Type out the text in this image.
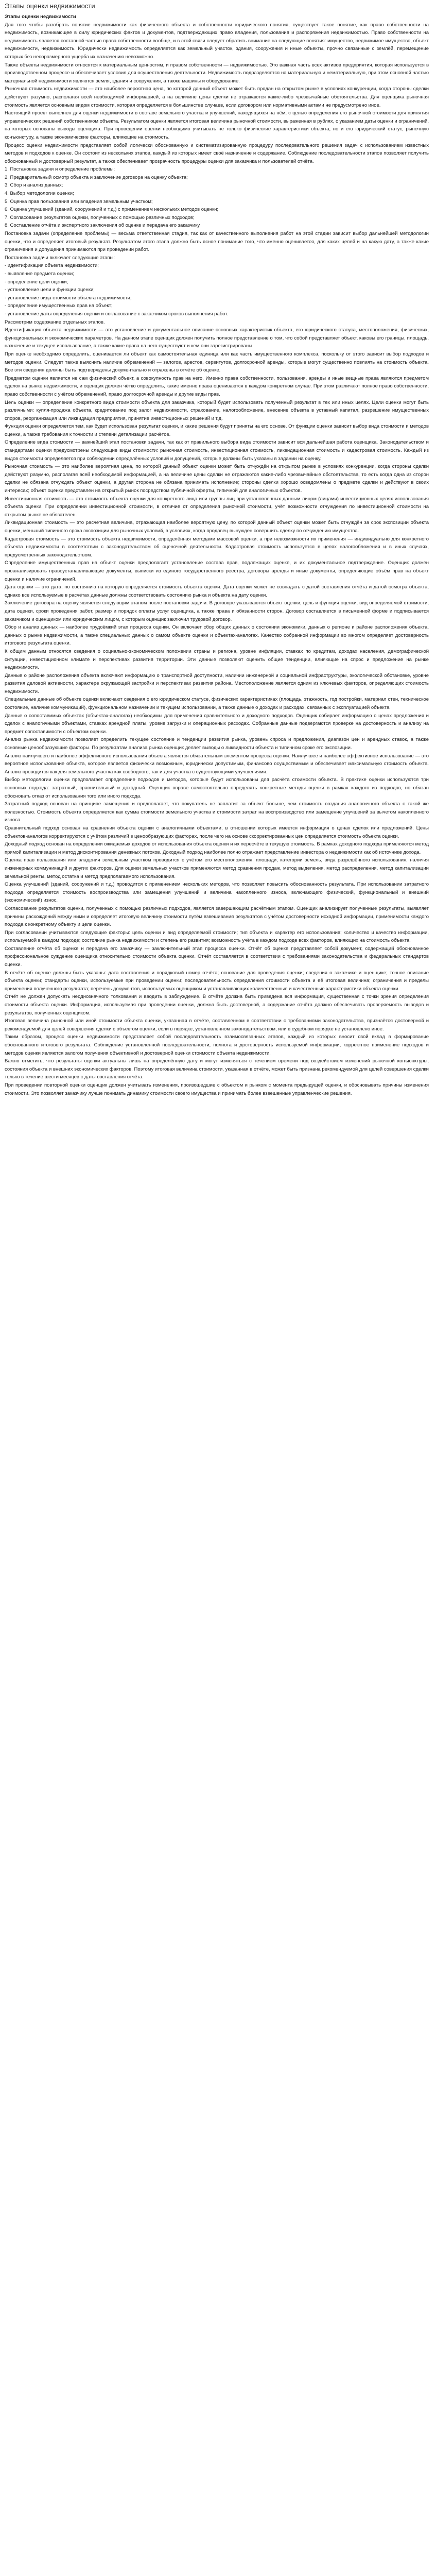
Этапы оценки недвижимости
Этапы оценки недвижимости

Для того чтобы разобрать понятие недвижимости как физического объекта и собственности юридического понятия, существует такое понятие, как право собственности на недвижимость, возникающее в силу юридических фактов и документов, подтверждающих право владения, пользования и распоряжения недвижимостью. Право собственности на недвижимость является составной частью права собственности вообще, и в этой связи следует обратить внимание на следующие понятия: имущество, недвижимое имущество, объект недвижимости, недвижимость. Юридически недвижимость определяется как земельный участок, здания, сооружения и иные объекты, прочно связанные с землёй, перемещение которых без несоразмерного ущерба их назначению невозможно.

Также объекты недвижимости относятся к материальным ценностям, и правом собственности — недвижимостью. Это важная часть всех активов предприятия, которая используется в производственном процессе и обеспечивает условия для осуществления деятельности. Недвижимость подразделяется на материальную и нематериальную, при этом основной частью материальной недвижимости являются земля, здания и сооружения, а также машины и оборудование.

Рыночная стоимость недвижимости — это наиболее вероятная цена, по которой данный объект может быть продан на открытом рынке в условиях конкуренции, когда стороны сделки действуют разумно, располагая всей необходимой информацией, а на величине цены сделки не отражаются какие-либо чрезвычайные обстоятельства. Для оценщика рыночная стоимость является основным видом стоимости, которая определяется в большинстве случаев, если договором или нормативными актами не предусмотрено иное.

Настоящий проект выполнен для оценки недвижимости в составе земельного участка и улучшений, находящихся на нём, с целью определения его рыночной стоимости для принятия управленческих решений собственником объекта. Результатом оценки является итоговая величина рыночной стоимости, выраженная в рублях, с указанием даты оценки и ограничений, на которых основаны выводы оценщика. При проведении оценки необходимо учитывать не только физические характеристики объекта, но и его юридический статус, рыночную конъюнктуру, а также экономические факторы, влияющие на стоимость.

Процесс оценки недвижимости представляет собой логически обоснованную и систематизированную процедуру последовательного решения задач с использованием известных методов и подходов к оценке. Он состоит из нескольких этапов, каждый из которых имеет своё назначение и содержание. Соблюдение последовательности этапов позволяет получить обоснованный и достоверный результат, а также обеспечивает прозрачность процедуры оценки для заказчика и пользователей отчёта.

1. Постановка задачи и определение проблемы;

2. Предварительный осмотр объекта и заключение договора на оценку объекта;

3. Сбор и анализ данных;

4. Выбор методологии оценки;

5. Оценка прав пользования или владения земельным участком;

6. Оценка улучшений (зданий, сооружений и т.д.) с применением нескольких методов оценки;

7. Согласование результатов оценки, полученных с помощью различных подходов;

8. Составление отчёта и экспертного заключения об оценке и передача его заказчику.

Постановка задачи (определение проблемы) — весьма ответственная стадия, так как от качественного выполнения работ на этой стадии зависит выбор дальнейшей методологии оценки, что и определяет итоговый результат. Результатом этого этапа должно быть ясное понимание того, что именно оценивается, для каких целей и на какую дату, а также какие ограничения и допущения принимаются при проведении работ.

Постановка задачи включает следующие этапы:

- идентификация объекта недвижимости;

- выявление предмета оценки;

- определение цели оценки;

- установление цели и функции оценки;

- установление вида стоимости объекта недвижимости;

- определение имущественных прав на объект;

- установление даты определения оценки и согласование с заказчиком сроков выполнения работ.

Рассмотрим содержание отдельных этапов.

Идентификация объекта недвижимости — это установление и документальное описание основных характеристик объекта, его юридического статуса, местоположения, физических, функциональных и экономических параметров. На данном этапе оценщик должен получить полное представление о том, что собой представляет объект, каковы его границы, площадь, назначение и текущее использование, а также какие права на него существуют и кем они зарегистрированы.

При оценке необходимо определить, оценивается ли объект как самостоятельная единица или как часть имущественного комплекса, поскольку от этого зависит выбор подходов и методов оценки. Следует также выяснить наличие обременений — залогов, арестов, сервитутов, долгосрочной аренды, которые могут существенно повлиять на стоимость объекта. Все эти сведения должны быть подтверждены документально и отражены в отчёте об оценке.

Предметом оценки является не сам физический объект, а совокупность прав на него. Именно права собственности, пользования, аренды и иные вещные права являются предметом сделок на рынке недвижимости, и оценщик должен чётко определить, какие именно права оцениваются в каждом конкретном случае. При этом различают полное право собственности, право собственности с учётом обременений, право долгосрочной аренды и другие виды прав.

Цель оценки — определение конкретного вида стоимости объекта для заказчика, который будет использовать полученный результат в тех или иных целях. Цели оценки могут быть различными: купля-продажа объекта, кредитование под залог недвижимости, страхование, налогообложение, внесение объекта в уставный капитал, разрешение имущественных споров, реорганизация или ликвидация предприятия, принятие инвестиционных решений и т.д.

Функция оценки определяется тем, как будет использован результат оценки, и какие решения будут приняты на его основе. От функции оценки зависит выбор вида стоимости и методов оценки, а также требования к точности и степени детализации расчётов.

Определение вида стоимости — важнейший этап постановки задачи, так как от правильного выбора вида стоимости зависит вся дальнейшая работа оценщика. Законодательством и стандартами оценки предусмотрены следующие виды стоимости: рыночная стоимость, инвестиционная стоимость, ликвидационная стоимость и кадастровая стоимость. Каждый из видов стоимости определяется при соблюдении определённых условий и допущений, которые должны быть указаны в задании на оценку.

Рыночная стоимость — это наиболее вероятная цена, по которой данный объект оценки может быть отчуждён на открытом рынке в условиях конкуренции, когда стороны сделки действуют разумно, располагая всей необходимой информацией, а на величине цены сделки не отражаются какие-либо чрезвычайные обстоятельства, то есть когда одна из сторон сделки не обязана отчуждать объект оценки, а другая сторона не обязана принимать исполнение; стороны сделки хорошо осведомлены о предмете сделки и действуют в своих интересах; объект оценки представлен на открытый рынок посредством публичной оферты, типичной для аналогичных объектов.

Инвестиционная стоимость — это стоимость объекта оценки для конкретного лица или группы лиц при установленных данным лицом (лицами) инвестиционных целях использования объекта оценки. При определении инвестиционной стоимости, в отличие от определения рыночной стоимости, учёт возможности отчуждения по инвестиционной стоимости на открытом рынке не обязателен.

Ликвидационная стоимость — это расчётная величина, отражающая наиболее вероятную цену, по которой данный объект оценки может быть отчуждён за срок экспозиции объекта оценки, меньший типичного срока экспозиции для рыночных условий, в условиях, когда продавец вынужден совершить сделку по отчуждению имущества.

Кадастровая стоимость — это стоимость объекта недвижимости, определённая методами массовой оценки, а при невозможности их применения — индивидуально для конкретного объекта недвижимости в соответствии с законодательством об оценочной деятельности. Кадастровая стоимость используется в целях налогообложения и в иных случаях, предусмотренных законодательством.

Определение имущественных прав на объект оценки предполагает установление состава прав, подлежащих оценке, и их документальное подтверждение. Оценщик должен проанализировать правоустанавливающие документы, выписки из единого государственного реестра, договоры аренды и иные документы, определяющие объём прав на объект оценки и наличие ограничений.

Дата оценки — это дата, по состоянию на которую определяется стоимость объекта оценки. Дата оценки может не совпадать с датой составления отчёта и датой осмотра объекта, однако все используемые в расчётах данные должны соответствовать состоянию рынка и объекта на дату оценки.

Заключение договора на оценку является следующим этапом после постановки задачи. В договоре указываются объект оценки, цель и функция оценки, вид определяемой стоимости, дата оценки, сроки проведения работ, размер и порядок оплаты услуг оценщика, а также права и обязанности сторон. Договор составляется в письменной форме и подписывается заказчиком и оценщиком или юридическим лицом, с которым оценщик заключил трудовой договор.

Сбор и анализ данных — наиболее трудоёмкий этап процесса оценки. Он включает сбор общих данных о состоянии экономики, данных о регионе и районе расположения объекта, данных о рынке недвижимости, а также специальных данных о самом объекте оценки и объектах-аналогах. Качество собранной информации во многом определяет достоверность итогового результата оценки.

К общим данным относятся сведения о социально-экономическом положении страны и региона, уровне инфляции, ставках по кредитам, доходах населения, демографической ситуации, инвестиционном климате и перспективах развития территории. Эти данные позволяют оценить общие тенденции, влияющие на спрос и предложение на рынке недвижимости.

Данные о районе расположения объекта включают информацию о транспортной доступности, наличии инженерной и социальной инфраструктуры, экологической обстановке, уровне развития деловой активности, характере окружающей застройки и перспективах развития района. Местоположение является одним из ключевых факторов, определяющих стоимость недвижимости.

Специальные данные об объекте оценки включают сведения о его юридическом статусе, физических характеристиках (площадь, этажность, год постройки, материал стен, техническое состояние, наличие коммуникаций), функциональном назначении и текущем использовании, а также данные о доходах и расходах, связанных с эксплуатацией объекта.

Данные о сопоставимых объектах (объектах-аналогах) необходимы для применения сравнительного и доходного подходов. Оценщик собирает информацию о ценах предложения и сделок с аналогичными объектами, ставках арендной платы, уровне загрузки и операционных расходах. Собранные данные подвергаются проверке на достоверность и анализу на предмет сопоставимости с объектом оценки.

Анализ рынка недвижимости позволяет определить текущее состояние и тенденции развития рынка, уровень спроса и предложения, диапазон цен и арендных ставок, а также основные ценообразующие факторы. По результатам анализа рынка оценщик делает выводы о ликвидности объекта и типичном сроке его экспозиции.

Анализ наилучшего и наиболее эффективного использования объекта является обязательным элементом процесса оценки. Наилучшее и наиболее эффективное использование — это вероятное использование объекта, которое является физически возможным, юридически допустимым, финансово осуществимым и обеспечивает максимальную стоимость объекта. Анализ проводится как для земельного участка как свободного, так и для участка с существующими улучшениями.

Выбор методологии оценки предполагает определение подходов и методов, которые будут использованы для расчёта стоимости объекта. В практике оценки используются три основных подхода: затратный, сравнительный и доходный. Оценщик вправе самостоятельно определять конкретные методы оценки в рамках каждого из подходов, но обязан обосновать отказ от использования того или иного подхода.

Затратный подход основан на принципе замещения и предполагает, что покупатель не заплатит за объект больше, чем стоимость создания аналогичного объекта с такой же полезностью. Стоимость объекта определяется как сумма стоимости земельного участка и стоимости затрат на воспроизводство или замещение улучшений за вычетом накопленного износа.

Сравнительный подход основан на сравнении объекта оценки с аналогичными объектами, в отношении которых имеется информация о ценах сделок или предложений. Цены объектов-аналогов корректируются с учётом различий в ценообразующих факторах, после чего на основе скорректированных цен определяется стоимость объекта оценки.

Доходный подход основан на определении ожидаемых доходов от использования объекта оценки и их пересчёте в текущую стоимость. В рамках доходного подхода применяются метод прямой капитализации и метод дисконтирования денежных потоков. Доходный подход наиболее полно отражает представление инвестора о недвижимости как об источнике дохода.

Оценка прав пользования или владения земельным участком проводится с учётом его местоположения, площади, категории земель, вида разрешённого использования, наличия инженерных коммуникаций и других факторов. Для оценки земельных участков применяются метод сравнения продаж, метод выделения, метод распределения, метод капитализации земельной ренты, метод остатка и метод предполагаемого использования.

Оценка улучшений (зданий, сооружений и т.д.) проводится с применением нескольких методов, что позволяет повысить обоснованность результата. При использовании затратного подхода определяется стоимость воспроизводства или замещения улучшений и величина накопленного износа, включающего физический, функциональный и внешний (экономический) износ.

Согласование результатов оценки, полученных с помощью различных подходов, является завершающим расчётным этапом. Оценщик анализирует полученные результаты, выявляет причины расхождений между ними и определяет итоговую величину стоимости путём взвешивания результатов с учётом достоверности исходной информации, применимости каждого подхода к конкретному объекту и цели оценки.

При согласовании учитываются следующие факторы: цель оценки и вид определяемой стоимости; тип объекта и характер его использования; количество и качество информации, используемой в каждом подходе; состояние рынка недвижимости и степень его развития; возможность учёта в каждом подходе всех факторов, влияющих на стоимость объекта.

Составление отчёта об оценке и передача его заказчику — заключительный этап процесса оценки. Отчёт об оценке представляет собой документ, содержащий обоснованное профессиональное суждение оценщика относительно стоимости объекта оценки. Отчёт составляется в соответствии с требованиями законодательства и федеральных стандартов оценки.

В отчёте об оценке должны быть указаны: дата составления и порядковый номер отчёта; основание для проведения оценки; сведения о заказчике и оценщике; точное описание объекта оценки; стандарты оценки, используемые при проведении оценки; последовательность определения стоимости объекта и её итоговая величина; ограничения и пределы применения полученного результата; перечень документов, используемых оценщиком и устанавливающих количественные и качественные характеристики объекта оценки.

Отчёт не должен допускать неоднозначного толкования и вводить в заблуждение. В отчёте должна быть приведена вся информация, существенная с точки зрения определения стоимости объекта оценки. Информация, используемая при проведении оценки, должна быть достоверной, а содержание отчёта должно обеспечивать проверяемость выводов и результатов, полученных оценщиком.

Итоговая величина рыночной или иной стоимости объекта оценки, указанная в отчёте, составленном в соответствии с требованиями законодательства, признаётся достоверной и рекомендуемой для целей совершения сделки с объектом оценки, если в порядке, установленном законодательством, или в судебном порядке не установлено иное.

Таким образом, процесс оценки недвижимости представляет собой последовательность взаимосвязанных этапов, каждый из которых вносит свой вклад в формирование обоснованного итогового результата. Соблюдение установленной последовательности, полнота и достоверность используемой информации, корректное применение подходов и методов оценки являются залогом получения объективной и достоверной оценки стоимости объекта недвижимости.

Важно отметить, что результаты оценки актуальны лишь на определённую дату и могут изменяться с течением времени под воздействием изменений рыночной конъюнктуры, состояния объекта и внешних экономических факторов. Поэтому итоговая величина стоимости, указанная в отчёте, может быть признана рекомендуемой для целей совершения сделки только в течение шести месяцев с даты составления отчёта.

При проведении повторной оценки оценщик должен учитывать изменения, произошедшие с объектом и рынком с момента предыдущей оценки, и обосновывать причины изменения стоимости. Это позволяет заказчику лучше понимать динамику стоимости своего имущества и принимать более взвешенные управленческие решения.
